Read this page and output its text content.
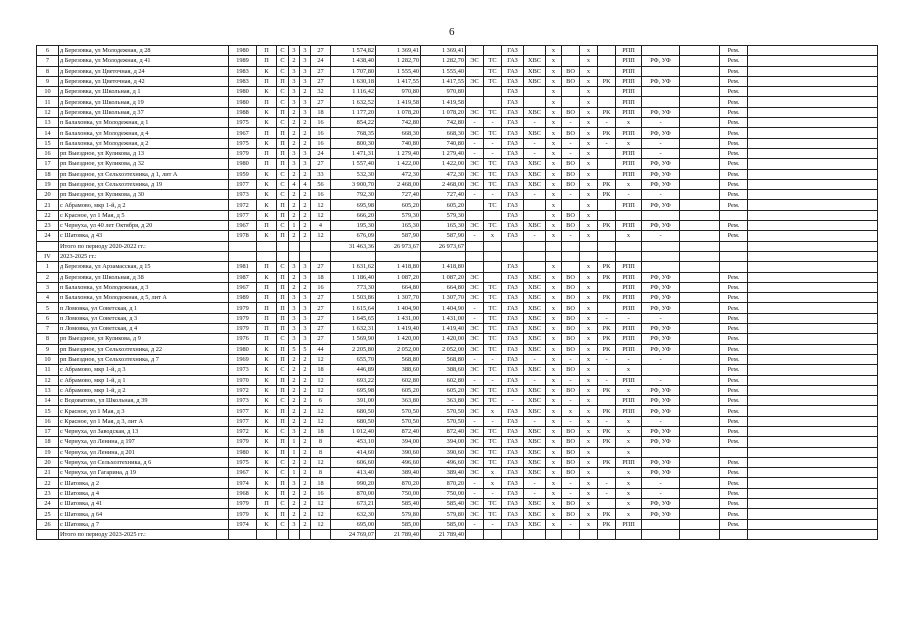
6
6	д Березовка, ул Молодежная, д 28	1980	П	С	3	3	27	1 574,82	1 369,41	1 369,41			ГАЗ		х		х		РПП			Рем.	
7	д Березовка, ул Молодежная, д 41	1989	П	С	2	3	24	1 438,40	1 282,70	1 282,70	ЭС	ТС	ГАЗ	ХВС	х		х		РПП	РФ, УФ		Рем.	
8	д Березовка, ул Цветочная, д 24	1983	К	С	3	3	27	1 707,80	1 555,40	1 555,40		ТС	ГАЗ	ХВС	х	ВО	х		РПП			Рем.	
9	д Березовка, ул Цветочная, д 42	1983	П	П	3	3	27	1 630,18	1 417,55	1 417,55	ЭС	ТС	ГАЗ	ХВС	х	ВО	х	РК	РПП	РФ, УФ		Рем.	
10	д Березовка, ул Школьная, д 1	1980	К	С	3	2	32	1 116,42	970,80	970,80			ГАЗ		х		х		РПП			Рем.	
11	д Березовка, ул Школьная, д 19	1980	П	С	3	3	27	1 632,52	1 419,58	1 419,58			ГАЗ		х		х		РПП			Рем.	
12	д Березовка, ул Школьная, д 37	1988	К	П	2	3	18	1 177,20	1 078,20	1 078,20	ЭС	ТС	ГАЗ	ХВС	х	ВО	х	РК	РПП	РФ, УФ		Рем.	
13	п Балахонка, ул Молодежная, д 1	1975	К	С	2	2	16	854,22	742,80	742,80	-	-	ГАЗ	-	х	-	х	-	х	-		Рем.	
14	п Балахонка, ул Молодежная, д 4	1967	П	П	2	2	16	768,35	668,30	668,30	ЭС	ТС	ГАЗ	ХВС	х	ВО	х	РК	РПП	РФ, УФ		Рем.	
15	п Балахонка, ул Молодежная, д 2	1975	К	П	2	2	16	800,30	740,80	740,80	-	-	ГАЗ	-	х	-	х	-	х	-		Рем.	
16	рп Выездное, ул Куликова, д 13	1979	П	П	3	3	24	1 471,31	1 279,40	1 279,40	-	-	ГАЗ	-	х	-	х		РПП	-		Рем.	
17	рп Выездное, ул Куликова, д 32	1980	П	П	3	3	27	1 557,40	1 422,00	1 422,00	ЭС	ТС	ГАЗ	ХВС	х	ВО	х		РПП	РФ, УФ		Рем.	
18	рп Выездное, ул Сельхозтехника, д 1, лит А	1959	К	С	2	2	33	532,30	472,30	472,30	ЭС	ТС	ГАЗ	ХВС	х	ВО	х		РПП	РФ, УФ		Рем.	
19	рп Выездное, ул Сельхозтехника, д 19	1977	К	С	4	4	56	3 900,70	2 468,00	2 468,00	ЭС	ТС	ГАЗ	ХВС	х	ВО	х	РК	х	РФ, УФ		Рем.	
20	рп Выездное, ул Куликова, д 30	1973	К	С	2	2	16	792,30	727,40	727,40	-	-	ГАЗ	-	х	-	х	РК	-	-		Рем.	
21	с Абрамово, мкр 1-й, д 2	1972	К	П	2	2	12	695,98	605,20	605,20		ТС	ГАЗ		х		х		РПП	РФ, УФ		Рем.	
22	с Красное, ул 1 Мая, д 5	1977	К	П	2	2	12	666,20	579,30	579,30			ГАЗ		х	ВО	х						
23	с Чернуха, ул 40 лет Октября, д 20	1967	П	С	1	2	4	195,30	165,30	165,30	ЭС	ТС	ГАЗ	ХВС	х	ВО	х	РК	РПП	РФ, УФ		Рем.	
24	с Шатовка, д 43	1978	К	П	2	2	12	676,09	587,90	587,90	-	х	ГАЗ	-	х	-	х		х	-		Рем.	
	Итого по периоду 2020-2022 гг.:							31 463,36	26 973,67	26 973,67													
IV	2023-2025 гг.:																						
1	д Березовка, ул Арзамасская, д 15	1981	П	С	3	3	27	1 631,62	1 418,80	1 418,80			ГАЗ		х		х	РК	РПП				
2	д Березовка, ул Школьная, д 38	1987	К	П	2	3	18	1 186,40	1 087,20	1 087,20	ЭС		ГАЗ	ХВС	х	ВО	х	РК	РПП	РФ, УФ		Рем.	
3	п Балахонка, ул Молодежная, д 3	1967	П	П	2	2	16	773,30	664,80	664,80	ЭС	ТС	ГАЗ	ХВС	х	ВО	х		РПП	РФ, УФ		Рем.	
4	п Балахонка, ул Молодежная, д 5, лит А	1989	П	П	3	3	27	1 503,86	1 307,70	1 307,70	ЭС	ТС	ГАЗ	ХВС	х	ВО	х	РК	РПП	РФ, УФ		Рем.	
5	п Ломовка, ул Советская, д 1	1979	П	П	3	3	27	1 615,64	1 404,90	1 404,90	-	ТС	ГАЗ	ХВС	х	ВО	х		РПП	РФ, УФ		Рем.	
6	п Ломовка, ул Советская, д 3	1979	П	П	3	3	27	1 645,65	1 431,00	1 431,00	-	ТС	ГАЗ	ХВС	х	ВО	х	-	-	-		Рем.	
7	п Ломовка, ул Советская, д 4	1979	П	П	3	3	27	1 632,31	1 419,40	1 419,40	ЭС	ТС	ГАЗ	ХВС	х	ВО	х	РК	РПП	РФ, УФ		Рем.	
8	рп Выездное, ул Куликова, д 9	1976	П	С	3	3	27	1 569,90	1 420,00	1 420,00	ЭС	ТС	ГАЗ	ХВС	х	ВО	х	РК	РПП	РФ, УФ		Рем.	
9	рп Выездное, ул Сельхозтехника, д 22	1980	К	П	5	5	44	2 205,80	2 052,00	2 052,00	ЭС	ТС	ГАЗ	ХВС	х	ВО	х	РК	РПП	РФ, УФ		Рем.	
10	рп Выездное, ул Сельхозтехника, д 7	1969	К	П	2	2	12	655,70	568,80	568,80	-	-	ГАЗ	-	х	-	х	-	-	-		Рем.	
11	с Абрамово, мкр 1-й, д 3	1973	К	С	2	2	18	446,89	388,60	388,60	ЭС	ТС	ГАЗ	ХВС	х	ВО	х		х			Рем.	
12	с Абрамово, мкр 1-й, д 1	1970	К	П	2	2	12	693,22	602,80	602,80	-	-	ГАЗ	-	х	-	х	-	РПП	-		Рем.	
13	с Абрамово, мкр 1-й, д 2	1972	К	П	2	2	12	695,98	605,20	605,20	ЭС	ТС	ГАЗ	ХВС	х	ВО	х	РК	х	РФ, УФ		Рем.	
14	с Водоватово, ул Школьная, д 39	1973	К	С	2	2	6	391,00	363,80	363,80	ЭС	ТС	-	ХВС	х	-	х		РПП	РФ, УФ		Рем.	
15	с Красное, ул 1 Мая, д 3	1977	К	П	2	2	12	680,50	570,50	570,50	ЭС	х	ГАЗ	ХВС	х	х	х	РК	РПП	РФ, УФ		Рем.	
16	с Красное, ул 1 Мая, д 3, лит А	1977	К	П	2	2	12	680,50	570,50	570,50	-	-	ГАЗ	-	х	-	х	-	х	-		Рем.	
17	с Чернуха, ул Заводская, д 13	1972	К	С	3	2	18	1 012,40	872,40	872,40	ЭС	ТС	ГАЗ	ХВС	х	ВО	х	РК	х	РФ, УФ		Рем.	
18	с Чернуха, ул Ленина, д 197	1979	К	П	1	2	8	453,10	394,00	394,00	ЭС	ТС	ГАЗ	ХВС	х	ВО	х	РК	х	РФ, УФ		Рем.	
19	с Чернуха, ул Ленина, д 201	1980	К	П	1	2	8	414,60	390,60	390,60	ЭС	ТС	ГАЗ	ХВС	х	ВО	х		х				
20	с Чернуха, ул Сельхозтехника, д 6	1975	К	С	2	2	12	606,60	496,60	496,60	ЭС	ТС	ГАЗ	ХВС	х	ВО	х	РК	РПП	РФ, УФ		Рем.	
21	с Чернуха, ул Гагарина, д 19	1967	К	С	1	2	8	413,40	389,40	389,40	ЭС	х	ГАЗ	ХВС	х	ВО	х		х	РФ, УФ		Рем.	
22	с Шатовка, д 2	1974	К	П	3	2	18	990,20	870,20	870,20	-	х	ГАЗ	-	х	-	х	-	х	-		Рем.	
23	с Шатовка, д 4	1968	К	П	2	2	16	870,00	750,00	750,00	-	-	ГАЗ	-	х	-	х	-	х	-		Рем.	
24	с Шатовка, д 41	1979	П	С	2	2	12	673,21	585,40	585,40	ЭС	ТС	ГАЗ	ХВС	х	ВО	х		х	РФ, УФ		Рем.	
25	с Шатовка, д 64	1979	К	П	2	2	12	632,30	579,80	579,80	ЭС	ТС	ГАЗ	ХВС	х	ВО	х	РК	х	РФ, УФ		Рем.	
26	с Шатовка, д 7	1974	К	С	3	2	12	695,00	585,00	585,00	-	-	ГАЗ	ХВС	х	-	х	РК	РПП			Рем.	
	Итого по периоду 2023-2025 гг.:							24 769,07	21 789,40	21 789,40													
